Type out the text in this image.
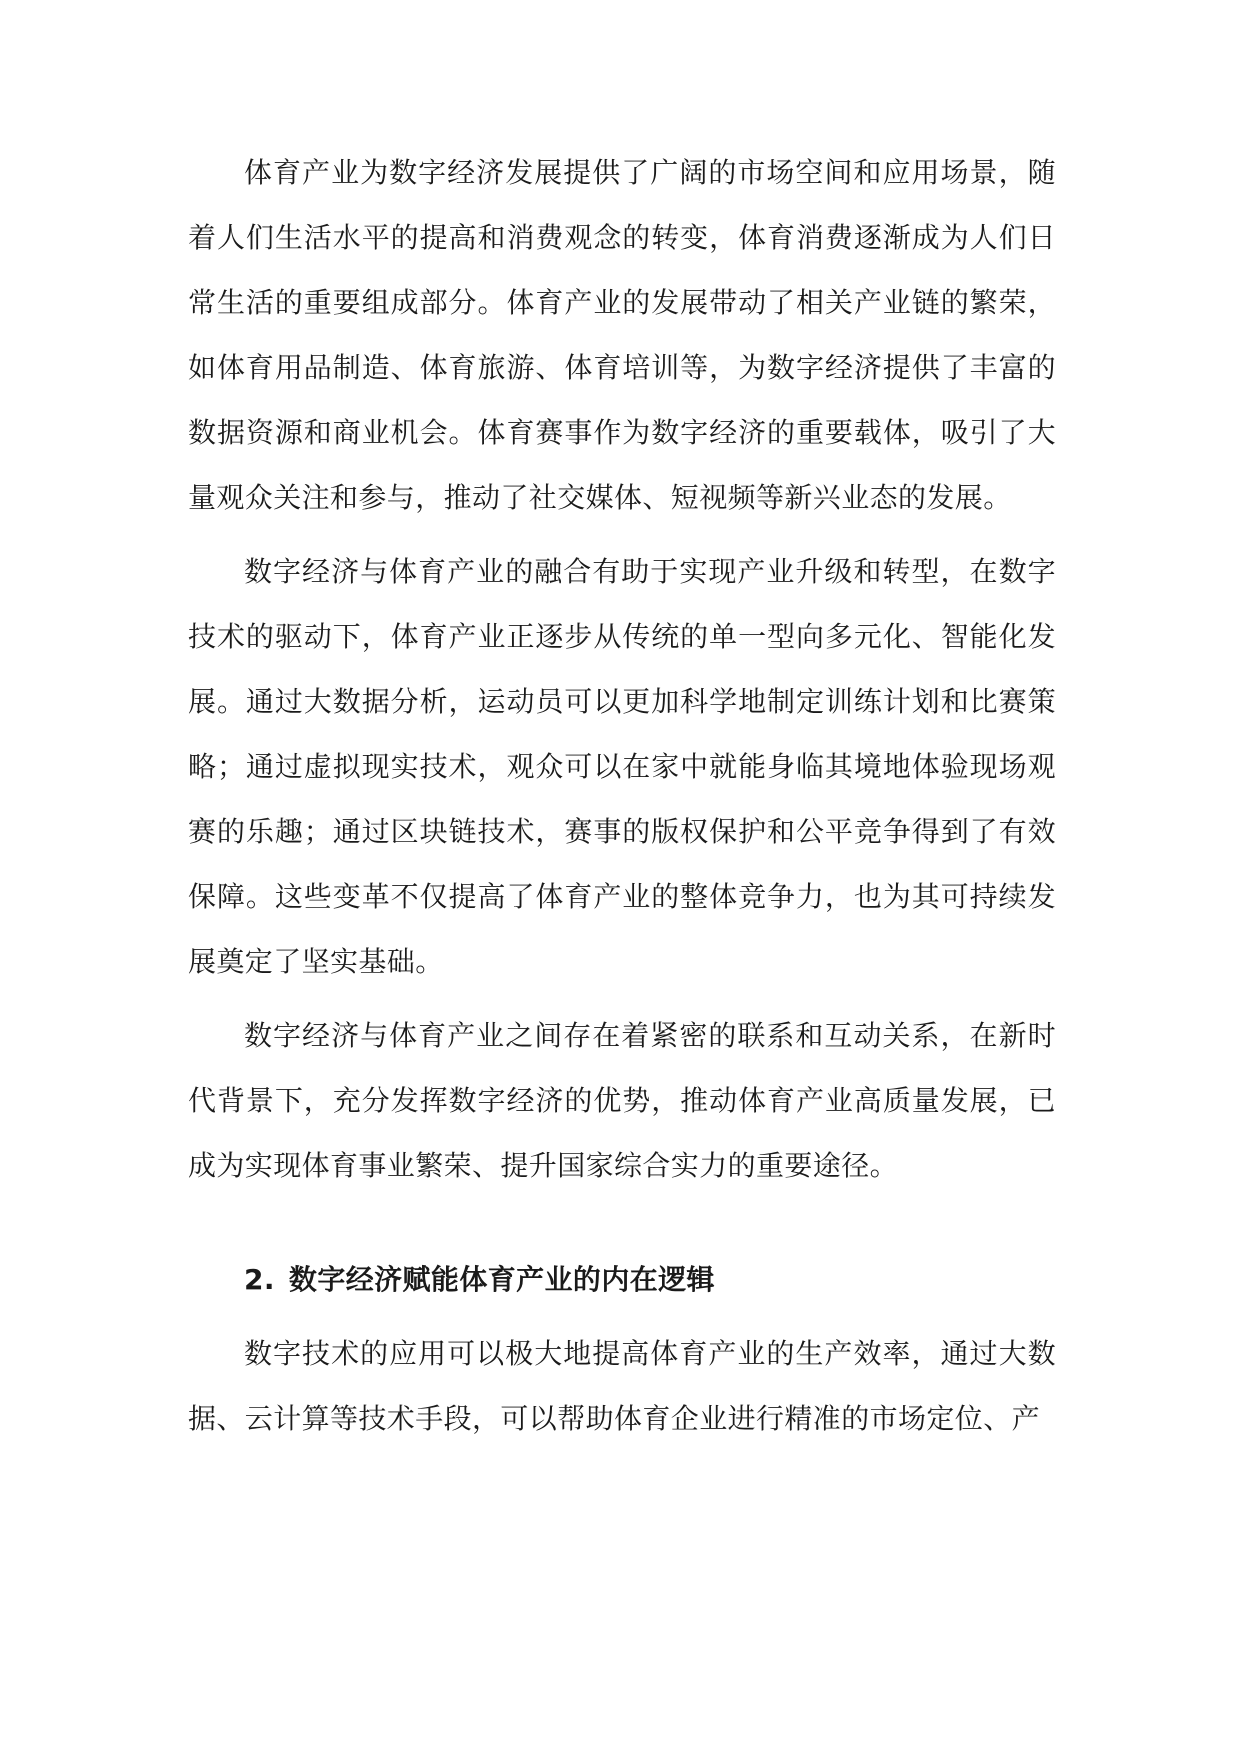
体育产业为数字经济发展提供了广阔的市场空间和应用场景，随着人们生活水平的提高和消费观念的转变，体育消费逐渐成为人们日常生活的重要组成部分。体育产业的发展带动了相关产业链的繁荣，如体育用品制造、体育旅游、体育培训等，为数字经济提供了丰富的数据资源和商业机会。体育赛事作为数字经济的重要载体，吸引了大量观众关注和参与，推动了社交媒体、短视频等新兴业态的发展。

数字经济与体育产业的融合有助于实现产业升级和转型，在数字技术的驱动下，体育产业正逐步从传统的单一型向多元化、智能化发展。通过大数据分析，运动员可以更加科学地制定训练计划和比赛策略；通过虚拟现实技术，观众可以在家中就能身临其境地体验现场观赛的乐趣；通过区块链技术，赛事的版权保护和公平竞争得到了有效保障。这些变革不仅提高了体育产业的整体竞争力，也为其可持续发展奠定了坚实基础。

数字经济与体育产业之间存在着紧密的联系和互动关系，在新时代背景下，充分发挥数字经济的优势，推动体育产业高质量发展，已成为实现体育事业繁荣、提升国家综合实力的重要途径。

2. 数字经济赋能体育产业的内在逻辑

数字技术的应用可以极大地提高体育产业的生产效率，通过大数据、云计算等技术手段，可以帮助体育企业进行精准的市场定位、产
